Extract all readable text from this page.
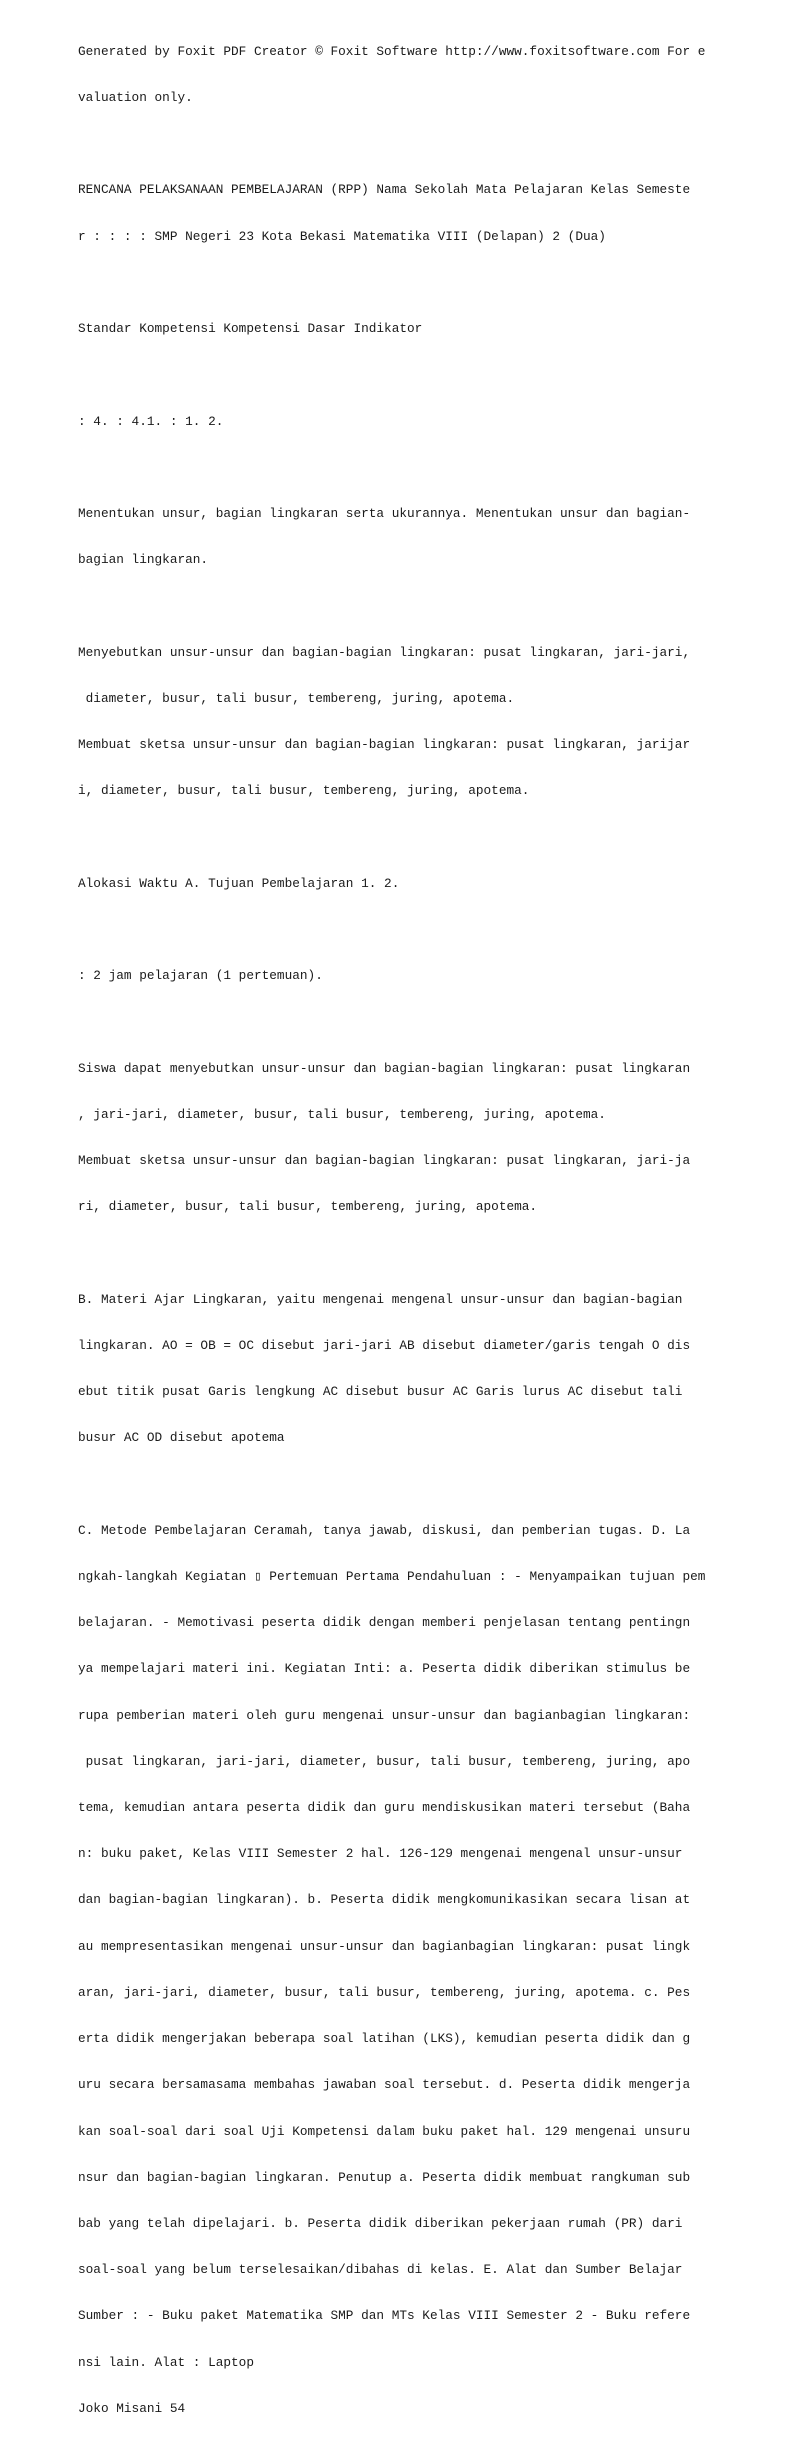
Generated by Foxit PDF Creator © Foxit Software http://www.foxitsoftware.com For e

valuation only.

RENCANA PELAKSANAAN PEMBELAJARAN (RPP) Nama Sekolah Mata Pelajaran Kelas Semeste

r : : : : SMP Negeri 23 Kota Bekasi Matematika VIII (Delapan) 2 (Dua)

Standar Kompetensi Kompetensi Dasar Indikator

: 4. : 4.1. : 1. 2.

Menentukan unsur, bagian lingkaran serta ukurannya. Menentukan unsur dan bagian-

bagian lingkaran.

Menyebutkan unsur-unsur dan bagian-bagian lingkaran: pusat lingkaran, jari-jari,

diameter, busur, tali busur, tembereng, juring, apotema.

Membuat sketsa unsur-unsur dan bagian-bagian lingkaran: pusat lingkaran, jarijar

i, diameter, busur, tali busur, tembereng, juring, apotema.

Alokasi Waktu A. Tujuan Pembelajaran 1. 2.

: 2 jam pelajaran (1 pertemuan).

Siswa dapat menyebutkan unsur-unsur dan bagian-bagian lingkaran: pusat lingkaran

, jari-jari, diameter, busur, tali busur, tembereng, juring, apotema.

Membuat sketsa unsur-unsur dan bagian-bagian lingkaran: pusat lingkaran, jari-ja

ri, diameter, busur, tali busur, tembereng, juring, apotema.

B. Materi Ajar Lingkaran, yaitu mengenai mengenal unsur-unsur dan bagian-bagian

lingkaran. AO = OB = OC disebut jari-jari AB disebut diameter/garis tengah O dis

ebut titik pusat Garis lengkung AC disebut busur AC Garis lurus AC disebut tali

busur AC OD disebut apotema

C. Metode Pembelajaran Ceramah, tanya jawab, diskusi, dan pemberian tugas. D. La

ngkah-langkah Kegiatan ▯ Pertemuan Pertama Pendahuluan : - Menyampaikan tujuan pem

belajaran. - Memotivasi peserta didik dengan memberi penjelasan tentang pentingn

ya mempelajari materi ini. Kegiatan Inti: a. Peserta didik diberikan stimulus be

rupa pemberian materi oleh guru mengenai unsur-unsur dan bagianbagian lingkaran:

pusat lingkaran, jari-jari, diameter, busur, tali busur, tembereng, juring, apo

tema, kemudian antara peserta didik dan guru mendiskusikan materi tersebut (Baha

n: buku paket, Kelas VIII Semester 2 hal. 126-129 mengenai mengenal unsur-unsur

dan bagian-bagian lingkaran). b. Peserta didik mengkomunikasikan secara lisan at

au mempresentasikan mengenai unsur-unsur dan bagianbagian lingkaran: pusat lingk

aran, jari-jari, diameter, busur, tali busur, tembereng, juring, apotema. c. Pes

erta didik mengerjakan beberapa soal latihan (LKS), kemudian peserta didik dan g

uru secara bersamasama membahas jawaban soal tersebut. d. Peserta didik mengerja

kan soal-soal dari soal Uji Kompetensi dalam buku paket hal. 129 mengenai unsuru

nsur dan bagian-bagian lingkaran. Penutup a. Peserta didik membuat rangkuman sub

bab yang telah dipelajari. b. Peserta didik diberikan pekerjaan rumah (PR) dari

soal-soal yang belum terselesaikan/dibahas di kelas. E. Alat dan Sumber Belajar

Sumber : - Buku paket Matematika SMP dan MTs Kelas VIII Semester 2 - Buku refere

nsi lain. Alat : Laptop

Joko Misani 54
